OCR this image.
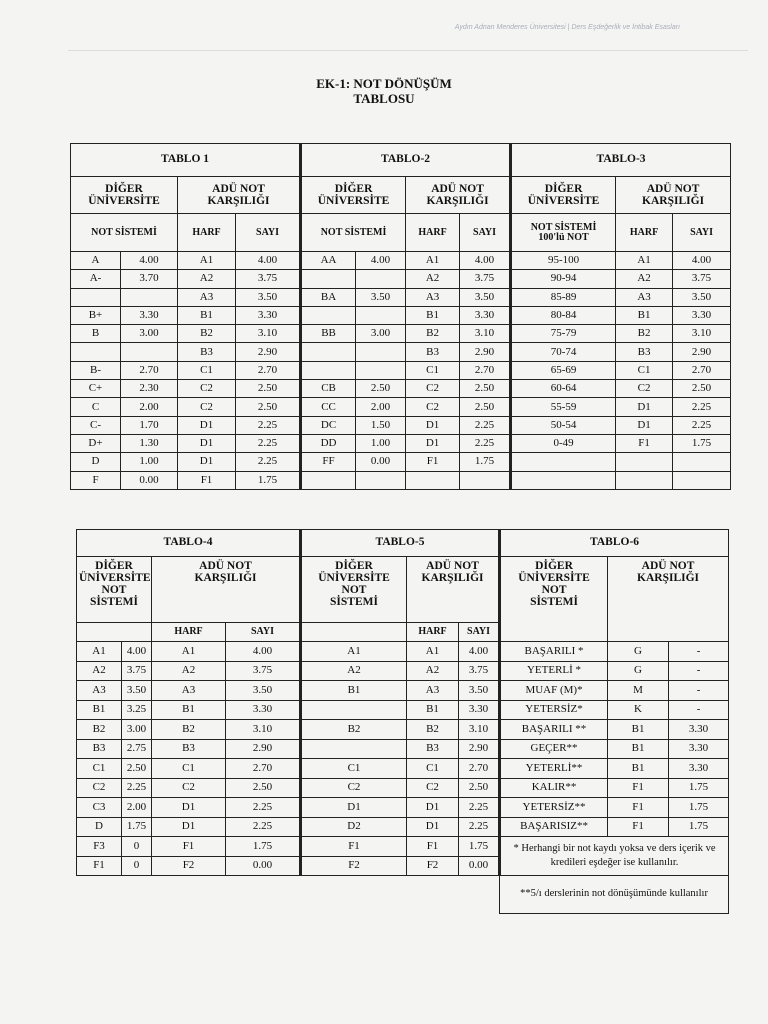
Aydın Adnan Menderes Üniversitesi | Ders Eşdeğerlik ve İntibak Esasları
EK-1: NOT DÖNÜŞÜM
TABLOSU
TABLO 1				TABLO-2				TABLO-3		
DİĞER
ÜNİVERSİTE		ADÜ NOT
KARŞILIĞI		DİĞER
ÜNİVERSİTE		ADÜ NOT
KARŞILIĞI		DİĞER
ÜNİVERSİTE	ADÜ NOT
KARŞILIĞI	
NOT SİSTEMİ		HARF	SAYI	NOT SİSTEMİ		HARF	SAYI	NOT SİSTEMİ
100'lü NOT	HARF	SAYI
A	4.00	A1	4.00	AA	4.00	A1	4.00	95-100	A1	4.00
A-	3.70	A2	3.75			A2	3.75	90-94	A2	3.75
		A3	3.50	BA	3.50	A3	3.50	85-89	A3	3.50
B+	3.30	B1	3.30			B1	3.30	80-84	B1	3.30
B	3.00	B2	3.10	BB	3.00	B2	3.10	75-79	B2	3.10
		B3	2.90			B3	2.90	70-74	B3	2.90
B-	2.70	C1	2.70			C1	2.70	65-69	C1	2.70
C+	2.30	C2	2.50	CB	2.50	C2	2.50	60-64	C2	2.50
C	2.00	C2	2.50	CC	2.00	C2	2.50	55-59	D1	2.25
C-	1.70	D1	2.25	DC	1.50	D1	2.25	50-54	D1	2.25
D+	1.30	D1	2.25	DD	1.00	D1	2.25	0-49	F1	1.75
D	1.00	D1	2.25	FF	0.00	F1	1.75			
F	0.00	F1	1.75							
TABLO-4				TABLO-5			TABLO-6		
DİĞER
ÜNİVERSİTE
NOT
SİSTEMİ		ADÜ NOT
KARŞILIĞI		DİĞER
ÜNİVERSİTE
NOT
SİSTEMİ	ADÜ NOT
KARŞILIĞI		DİĞER
ÜNİVERSİTE
NOT
SİSTEMİ	ADÜ NOT
KARŞILIĞI	
		HARF	SAYI		HARF	SAYI			
A1	4.00	A1	4.00	A1	A1	4.00	BAŞARILI *	G	-
A2	3.75	A2	3.75	A2	A2	3.75	YETERLİ *	G	-
A3	3.50	A3	3.50	B1	A3	3.50	MUAF (M)*	M	-
B1	3.25	B1	3.30		B1	3.30	YETERSİZ*	K	-
B2	3.00	B2	3.10	B2	B2	3.10	BAŞARILI **	B1	3.30
B3	2.75	B3	2.90		B3	2.90	GEÇER**	B1	3.30
C1	2.50	C1	2.70	C1	C1	2.70	YETERLİ**	B1	3.30
C2	2.25	C2	2.50	C2	C2	2.50	KALIR**	F1	1.75
C3	2.00	D1	2.25	D1	D1	2.25	YETERSİZ**	F1	1.75
D	1.75	D1	2.25	D2	D1	2.25	BAŞARISIZ**	F1	1.75
F3	0	F1	1.75	F1	F1	1.75	* Herhangi bir not kaydı yoksa ve ders içerik ve kredileri eşdeğer ise kullanılır.		
F1	0	F2	0.00	F2	F2	0.00			
							**5/ı derslerinin not dönüşümünde kullanılır		
